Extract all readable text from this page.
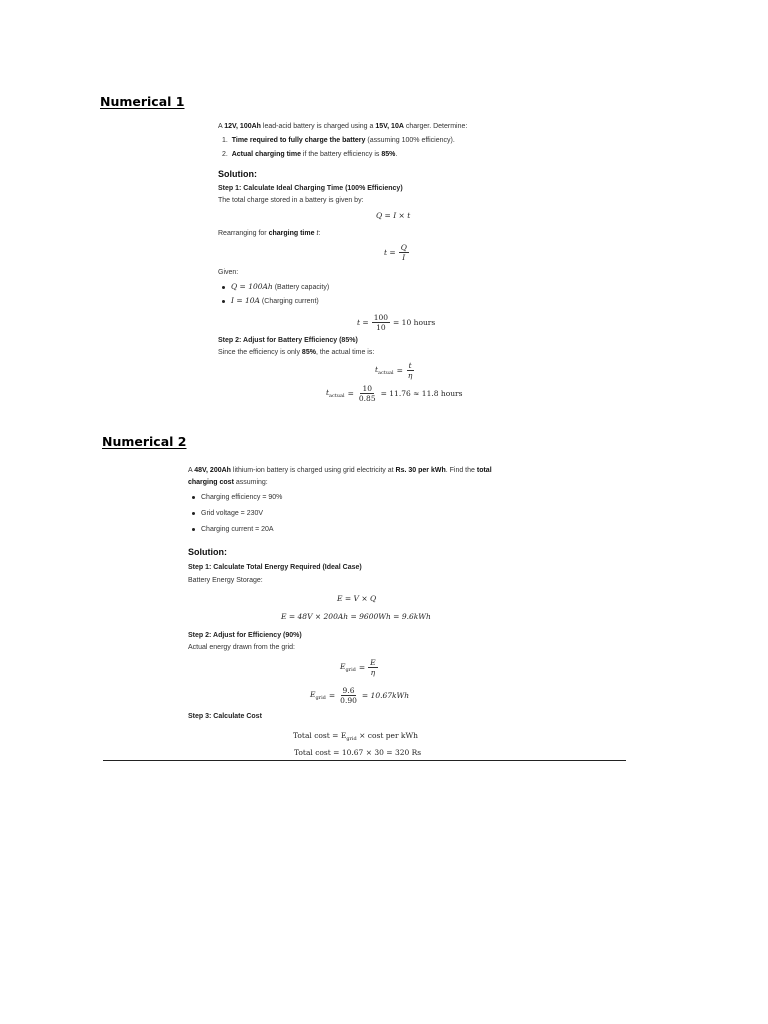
Numerical 1
A 12V, 100Ah lead-acid battery is charged using a 15V, 10A charger. Determine:
1. Time required to fully charge the battery (assuming 100% efficiency).
2. Actual charging time if the battery efficiency is 85%.
Solution:
Step 1: Calculate Ideal Charging Time (100% Efficiency)
The total charge stored in a battery is given by:
Q = I × t
Rearranging for charging time t:
$t = \frac{Q}{I}$
Given:
Q = 100Ah (Battery capacity)
I = 10A (Charging current)
$t = \frac{100}{10} = 10$ hours
Step 2: Adjust for Battery Efficiency (85%)
Since the efficiency is only 85%, the actual time is:
$t_{actual} = \frac{t}{\eta}$
$t_{actual} = \frac{10}{0.85} = 11.76 \approx 11.8$ hours
Numerical 2
A 48V, 200Ah lithium-ion battery is charged using grid electricity at Rs. 30 per kWh. Find the total
charging cost assuming:
Charging efficiency = 90%
Grid voltage = 230V
Charging current = 20A
Solution:
Step 1: Calculate Total Energy Required (Ideal Case)
Battery Energy Storage:
E = V × Q
E = 48V × 200Ah = 9600Wh = 9.6kWh
Step 2: Adjust for Efficiency (90%)
Actual energy drawn from the grid:
$E_{grid} = \frac{E}{\eta}$
$E_{grid} = \frac{9.6}{0.90} = 10.67kWh$
Step 3: Calculate Cost
Total $\cos t = E_{grid} \times \cos t$ per kWh
Total cost = 10.67 × 30 = 320 Rs
